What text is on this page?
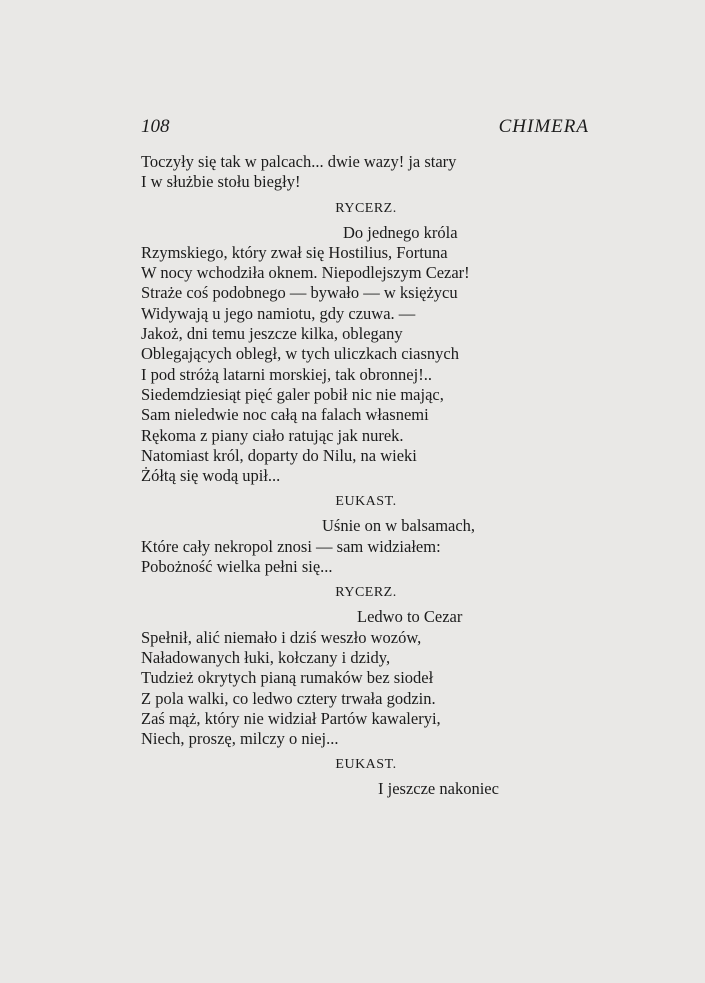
108	CHIMERA
Toczyły się tak w palcach... dwie wazy! ja stary
I w służbie stołu biegły!
RYCERZ.
Do jednego króla
Rzymskiego, który zwał się Hostilius, Fortuna
W nocy wchodziła oknem. Niepodlejszym Cezar!
Straże coś podobnego — bywało — w księżycu
Widywają u jego namiotu, gdy czuwa. —
Jakoż, dni temu jeszcze kilka, oblegany
Oblegających obległ, w tych uliczkach ciasnych
I pod stróżą latarni morskiej, tak obronnej!..
Siedemdziesiąt pięć galer pobił nic nie mając,
Sam nieledwie noc całą na falach własnemi
Rękoma z piany ciało ratując jak nurek.
Natomiast król, doparty do Nilu, na wieki
Żółtą się wodą upił...
EUKAST.
Uśnie on w balsamach,
Które cały nekropol znosi — sam widziałem:
Pobożność wielka pełni się...
RYCERZ.
Ledwo to Cezar
Spełnił, alić niemało i dziś weszło wozów,
Naładowanych łuki, kołczany i dzidy,
Tudzież okrytych pianą rumaków bez siodeł
Z pola walki, co ledwo cztery trwała godzin.
Zaś mąż, który nie widział Partów kawaleryi,
Niech, proszę, milczy o niej...
EUKAST.
I jeszcze nakoniec
